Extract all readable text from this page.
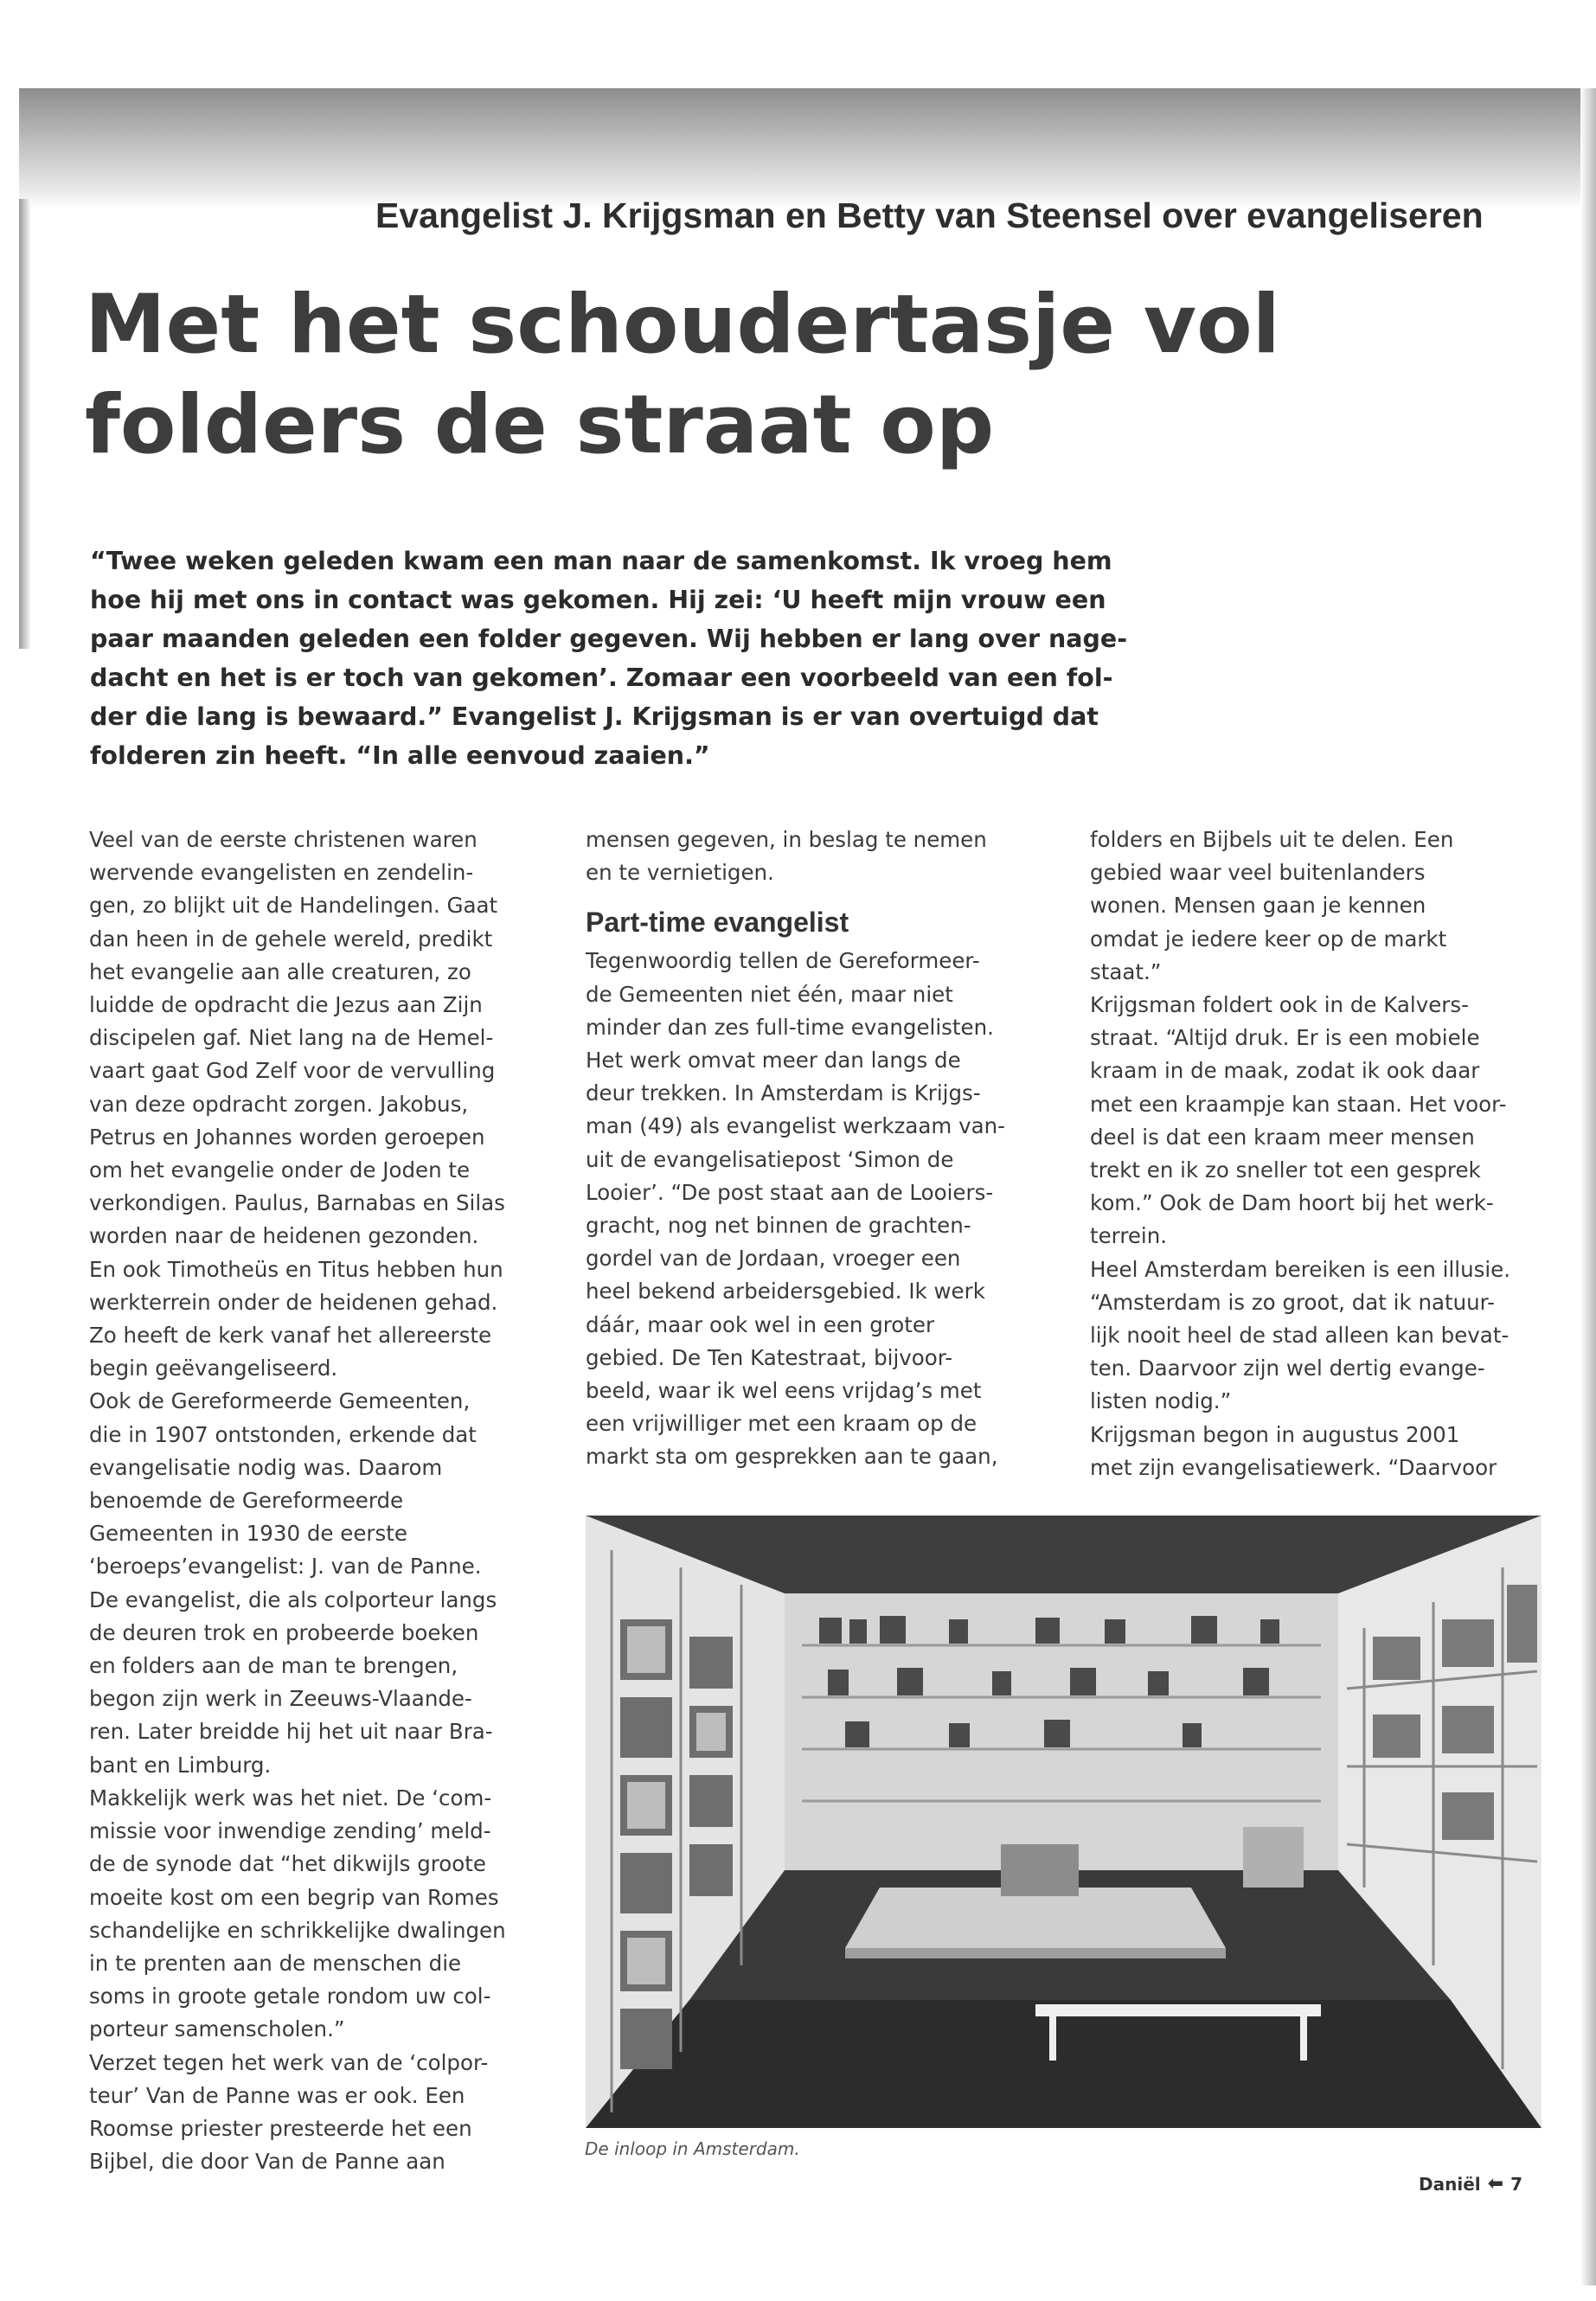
Evangelist J. Krijgsman en Betty van Steensel over evangeliseren
Met het schoudertasje vol
folders de straat op
“Twee weken geleden kwam een man naar de samenkomst. Ik vroeg hem
hoe hij met ons in contact was gekomen. Hij zei: ‘U heeft mijn vrouw een
paar maanden geleden een folder gegeven. Wij hebben er lang over nage-
dacht en het is er toch van gekomen’. Zomaar een voorbeeld van een fol-
der die lang is bewaard.” Evangelist J. Krijgsman is er van overtuigd dat
folderen zin heeft. “In alle eenvoud zaaien.”
Veel van de eerste christenen waren
wervende evangelisten en zendelin-
gen, zo blijkt uit de Handelingen. Gaat
dan heen in de gehele wereld, predikt
het evangelie aan alle creaturen, zo
luidde de opdracht die Jezus aan Zijn
discipelen gaf. Niet lang na de Hemel-
vaart gaat God Zelf voor de vervulling
van deze opdracht zorgen. Jakobus,
Petrus en Johannes worden geroepen
om het evangelie onder de Joden te
verkondigen. Paulus, Barnabas en Silas
worden naar de heidenen gezonden.
En ook Timotheüs en Titus hebben hun
werkterrein onder de heidenen gehad.
Zo heeft de kerk vanaf het allereerste
begin geëvangeliseerd.
Ook de Gereformeerde Gemeenten,
die in 1907 ontstonden, erkende dat
evangelisatie nodig was. Daarom
benoemde de Gereformeerde
Gemeenten in 1930 de eerste
‘beroeps’evangelist: J. van de Panne.
De evangelist, die als colporteur langs
de deuren trok en probeerde boeken
en folders aan de man te brengen,
begon zijn werk in Zeeuws-Vlaande-
ren. Later breidde hij het uit naar Bra-
bant en Limburg.
Makkelijk werk was het niet. De ‘com-
missie voor inwendige zending’ meld-
de de synode dat “het dikwijls groote
moeite kost om een begrip van Romes
schandelijke en schrikkelijke dwalingen
in te prenten aan de menschen die
soms in groote getale rondom uw col-
porteur samenscholen.”
Verzet tegen het werk van de ‘colpor-
teur’ Van de Panne was er ook. Een
Roomse priester presteerde het een
Bijbel, die door Van de Panne aan
mensen gegeven, in beslag te nemen
en te vernietigen.
Part-time evangelist
Tegenwoordig tellen de Gereformeer-
de Gemeenten niet één, maar niet
minder dan zes full-time evangelisten.
Het werk omvat meer dan langs de
deur trekken. In Amsterdam is Krijgs-
man (49) als evangelist werkzaam van-
uit de evangelisatiepost ‘Simon de
Looier’. “De post staat aan de Looiers-
gracht, nog net binnen de grachten-
gordel van de Jordaan, vroeger een
heel bekend arbeidersgebied. Ik werk
dáár, maar ook wel in een groter
gebied. De Ten Katestraat, bijvoor-
beeld, waar ik wel eens vrijdag’s met
een vrijwilliger met een kraam op de
markt sta om gesprekken aan te gaan,
folders en Bijbels uit te delen. Een
gebied waar veel buitenlanders
wonen. Mensen gaan je kennen
omdat je iedere keer op de markt
staat.”
Krijgsman foldert ook in de Kalvers-
straat. “Altijd druk. Er is een mobiele
kraam in de maak, zodat ik ook daar
met een kraampje kan staan. Het voor-
deel is dat een kraam meer mensen
trekt en ik zo sneller tot een gesprek
kom.” Ook de Dam hoort bij het werk-
terrein.
Heel Amsterdam bereiken is een illusie.
“Amsterdam is zo groot, dat ik natuur-
lijk nooit heel de stad alleen kan bevat-
ten. Daarvoor zijn wel dertig evange-
listen nodig.”
Krijgsman begon in augustus 2001
met zijn evangelisatiewerk. “Daarvoor
De inloop in Amsterdam.
Daniël ⬅ 7
